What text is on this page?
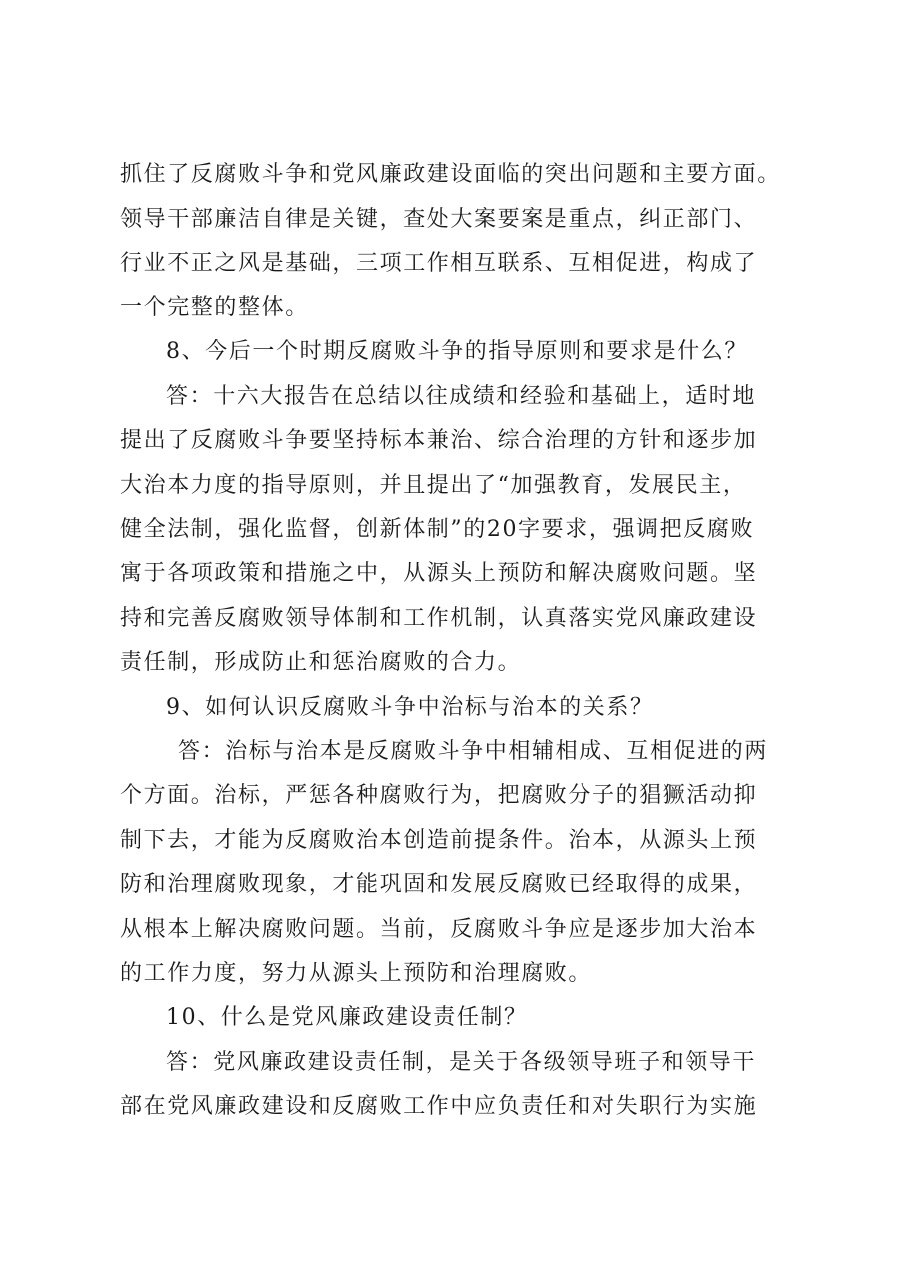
抓住了反腐败斗争和党风廉政建设面临的突出问题和主要方面。
领导干部廉洁自律是关键，查处大案要案是重点，纠正部门、
行业不正之风是基础，三项工作相互联系、互相促进，构成了
一个完整的整体。
8、今后一个时期反腐败斗争的指导原则和要求是什么？
答：十六大报告在总结以往成绩和经验和基础上，适时地
提出了反腐败斗争要坚持标本兼治、综合治理的方针和逐步加
大治本力度的指导原则，并且提出了“加强教育，发展民主，
健全法制，强化监督，创新体制”的20字要求，强调把反腐败
寓于各项政策和措施之中，从源头上预防和解决腐败问题。坚
持和完善反腐败领导体制和工作机制，认真落实党风廉政建设
责任制，形成防止和惩治腐败的合力。
9、如何认识反腐败斗争中治标与治本的关系？
答：治标与治本是反腐败斗争中相辅相成、互相促进的两
个方面。治标，严惩各种腐败行为，把腐败分子的猖獗活动抑
制下去，才能为反腐败治本创造前提条件。治本，从源头上预
防和治理腐败现象，才能巩固和发展反腐败已经取得的成果，
从根本上解决腐败问题。当前，反腐败斗争应是逐步加大治本
的工作力度，努力从源头上预防和治理腐败。
10、什么是党风廉政建设责任制？
答：党风廉政建设责任制，是关于各级领导班子和领导干
部在党风廉政建设和反腐败工作中应负责任和对失职行为实施
